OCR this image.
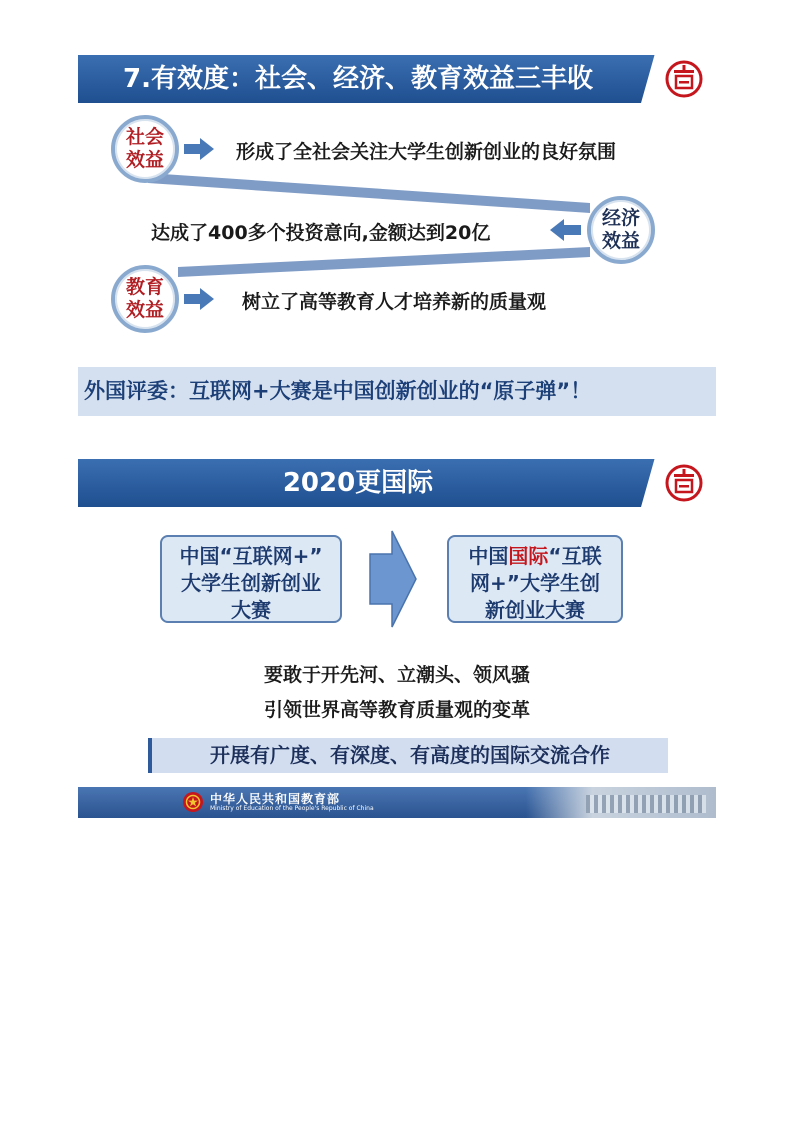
7.有效度：社会、经济、教育效益三丰收
社会
效益	形成了全社会关注大学生创新创业的良好氛围
经济
效益
达成了400多个投资意向,金额达到20亿
教育
效益	树立了高等教育人才培养新的质量观
外国评委：互联网+大赛是中国创新创业的“原子弹”！
2020更国际
中国“互联网+”
大学生创新创业
大赛
中国国际“互联
网+”大学生创
新创业大赛
要敢于开先河、立潮头、领风骚
引领世界高等教育质量观的变革
开展有广度、有深度、有高度的国际交流合作
中华人民共和国教育部
Ministry of Education of the People's Republic of China
